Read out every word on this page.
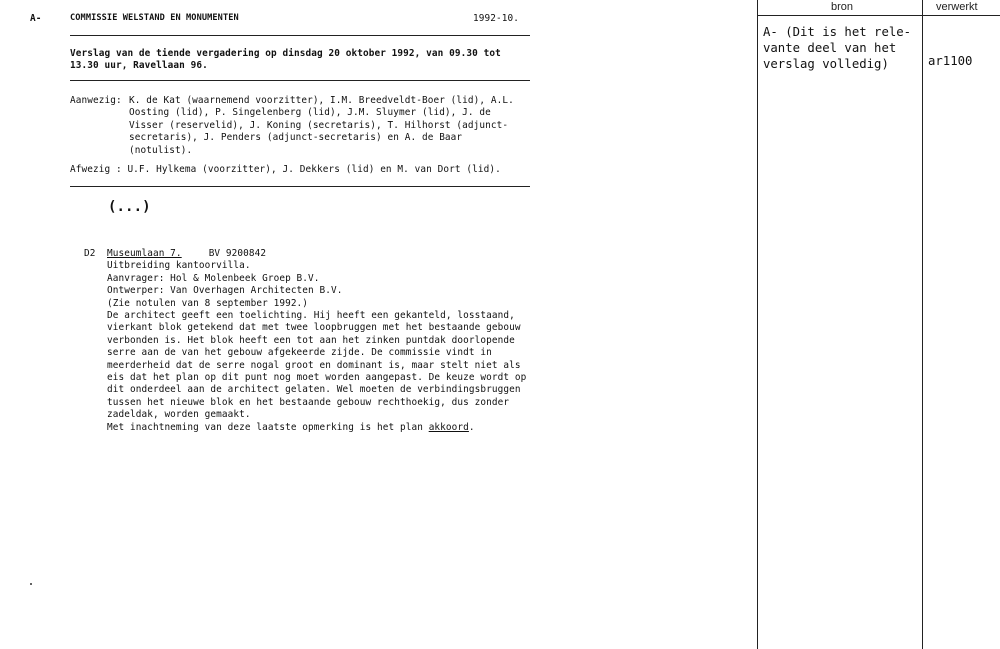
A-	COMMISSIE WELSTAND EN MONUMENTEN	1992-10.
Verslag van de tiende vergadering op dinsdag 20 oktober 1992, van 09.30 tot
13.30 uur, Ravellaan 96.
Aanwezig: K. de Kat (waarnemend voorzitter), I.M. Breedveldt-Boer (lid), A.L.
Oosting (lid), P. Singelenberg (lid), J.M. Sluymer (lid), J. de
Visser (reservelid), J. Koning (secretaris), T. Hilhorst (adjunct-
secretaris), J. Penders (adjunct-secretaris) en A. de Baar
(notulist).
Afwezig : U.F. Hylkema (voorzitter), J. Dekkers (lid) en M. van Dort (lid).
(...)
D2 Museumlaan 7.	BV 9200842
Uitbreiding kantoorvilla.
Aanvrager: Hol & Molenbeek Groep B.V.
Ontwerper: Van Overhagen Architecten B.V.
(Zie notulen van 8 september 1992.)
De architect geeft een toelichting. Hij heeft een gekanteld, losstaand,
vierkant blok getekend dat met twee loopbruggen met het bestaande gebouw
verbonden is. Het blok heeft een tot aan het zinken puntdak doorlopende
serre aan de van het gebouw afgekeerde zijde. De commissie vindt in
meerderheid dat de serre nogal groot en dominant is, maar stelt niet als
eis dat het plan op dit punt nog moet worden aangepast. De keuze wordt op
dit onderdeel aan de architect gelaten. Wel moeten de verbindingsbruggen
tussen het nieuwe blok en het bestaande gebouw rechthoekig, dus zonder
zadeldak, worden gemaakt.
Met inachtneming van deze laatste opmerking is het plan akkoord.
bron	verwerkt
A- (Dit is het rele-
vante deel van het
verslag volledig)	ar1100
